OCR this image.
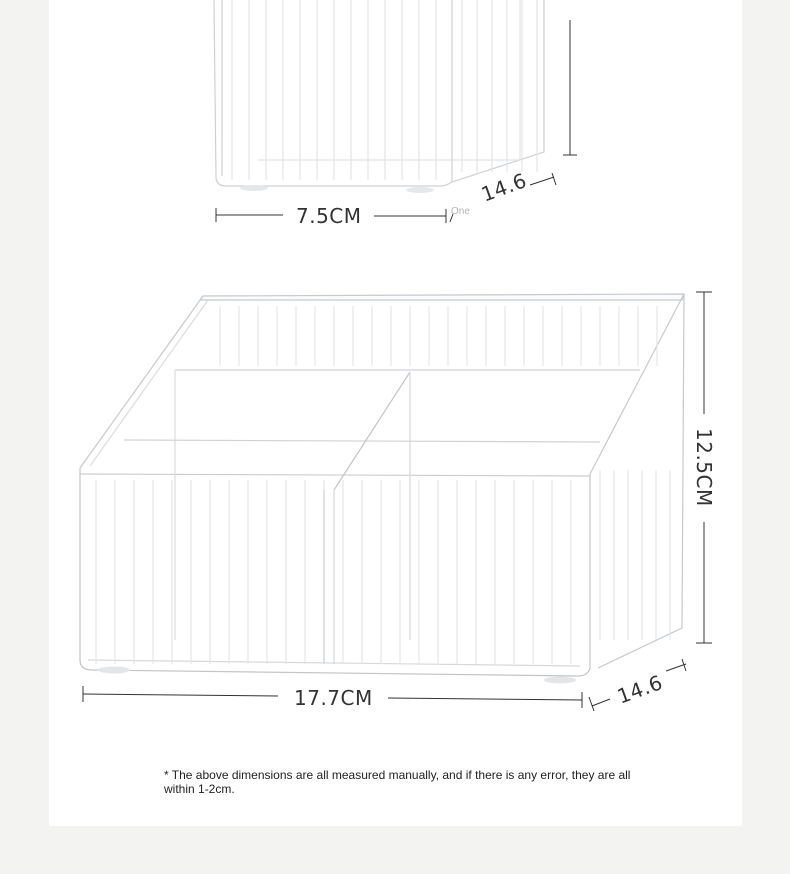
7.5CM
14.6
17.7CM	14.6
12.5CM
One
* The above dimensions are all measured manually, and if there is any error, they are all within 1-2cm.
